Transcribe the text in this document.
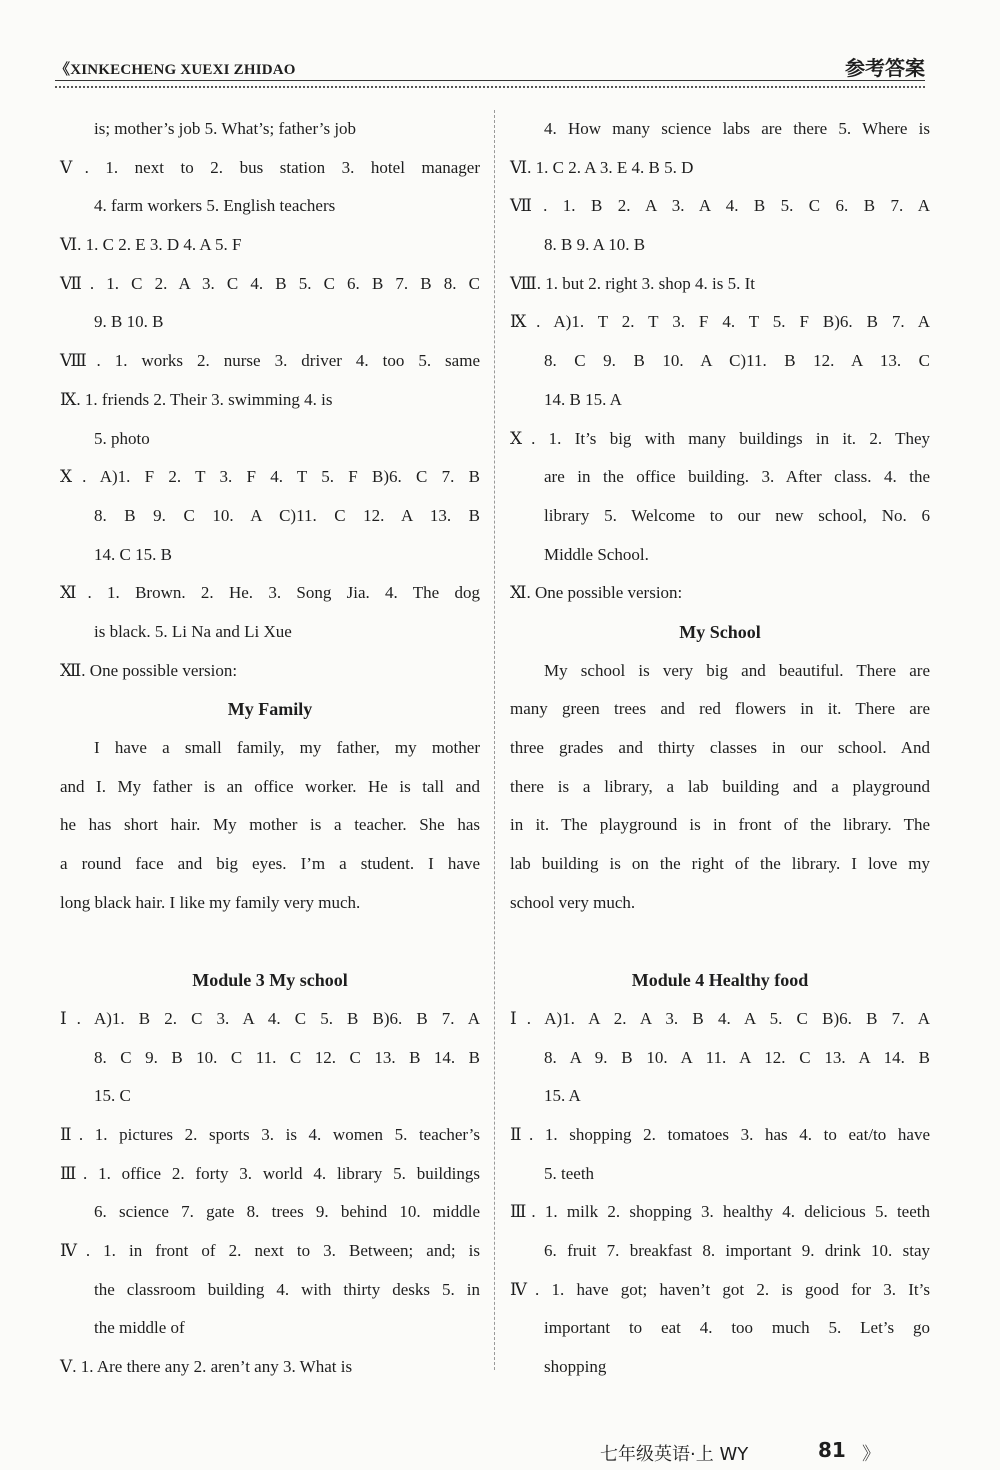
《XINKECHENG XUEXI ZHIDAO	参考答案
is; mother’s job 5. What’s; father’s job
Ⅴ. 1. next to 2. bus station 3. hotel manager
4. farm workers 5. English teachers
Ⅵ. 1. C 2. E 3. D 4. A 5. F
Ⅶ. 1. C 2. A 3. C 4. B 5. C 6. B 7. B 8. C
9. B 10. B
Ⅷ. 1. works 2. nurse 3. driver 4. too 5. same
Ⅸ. 1. friends 2. Their 3. swimming 4. is
5. photo
Ⅹ. A)1. F 2. T 3. F 4. T 5. F B)6. C 7. B
8. B 9. C 10. A C)11. C 12. A 13. B
14. C 15. B
Ⅺ. 1. Brown. 2. He. 3. Song Jia. 4. The dog
is black. 5. Li Na and Li Xue
Ⅻ. One possible version:
My Family
I have a small family, my father, my mother
and I. My father is an office worker. He is tall and
he has short hair. My mother is a teacher. She has
a round face and big eyes. I’m a student. I have
long black hair. I like my family very much.
Module 3 My school
Ⅰ. A)1. B 2. C 3. A 4. C 5. B B)6. B 7. A
8. C 9. B 10. C 11. C 12. C 13. B 14. B
15. C
Ⅱ. 1. pictures 2. sports 3. is 4. women 5. teacher’s
Ⅲ. 1. office 2. forty 3. world 4. library 5. buildings
6. science 7. gate 8. trees 9. behind 10. middle
Ⅳ. 1. in front of 2. next to 3. Between; and; is
the classroom building 4. with thirty desks 5. in
the middle of
Ⅴ. 1. Are there any 2. aren’t any 3. What is
4. How many science labs are there 5. Where is
Ⅵ. 1. C 2. A 3. E 4. B 5. D
Ⅶ. 1. B 2. A 3. A 4. B 5. C 6. B 7. A
8. B 9. A 10. B
Ⅷ. 1. but 2. right 3. shop 4. is 5. It
Ⅸ. A)1. T 2. T 3. F 4. T 5. F B)6. B 7. A
8. C 9. B 10. A C)11. B 12. A 13. C
14. B 15. A
Ⅹ. 1. It’s big with many buildings in it. 2. They
are in the office building. 3. After class. 4. the
library 5. Welcome to our new school, No. 6
Middle School.
Ⅺ. One possible version:
My School
My school is very big and beautiful. There are
many green trees and red flowers in it. There are
three grades and thirty classes in our school. And
there is a library, a lab building and a playground
in it. The playground is in front of the library. The
lab building is on the right of the library. I love my
school very much.
Module 4 Healthy food
Ⅰ. A)1. A 2. A 3. B 4. A 5. C B)6. B 7. A
8. A 9. B 10. A 11. A 12. C 13. A 14. B
15. A
Ⅱ. 1. shopping 2. tomatoes 3. has 4. to eat/to have
5. teeth
Ⅲ. 1. milk 2. shopping 3. healthy 4. delicious 5. teeth
6. fruit 7. breakfast 8. important 9. drink 10. stay
Ⅳ. 1. have got; haven’t got 2. is good for 3. It’s
important to eat 4. too much 5. Let’s go
shopping
七年级英语·上 WY	81 》
